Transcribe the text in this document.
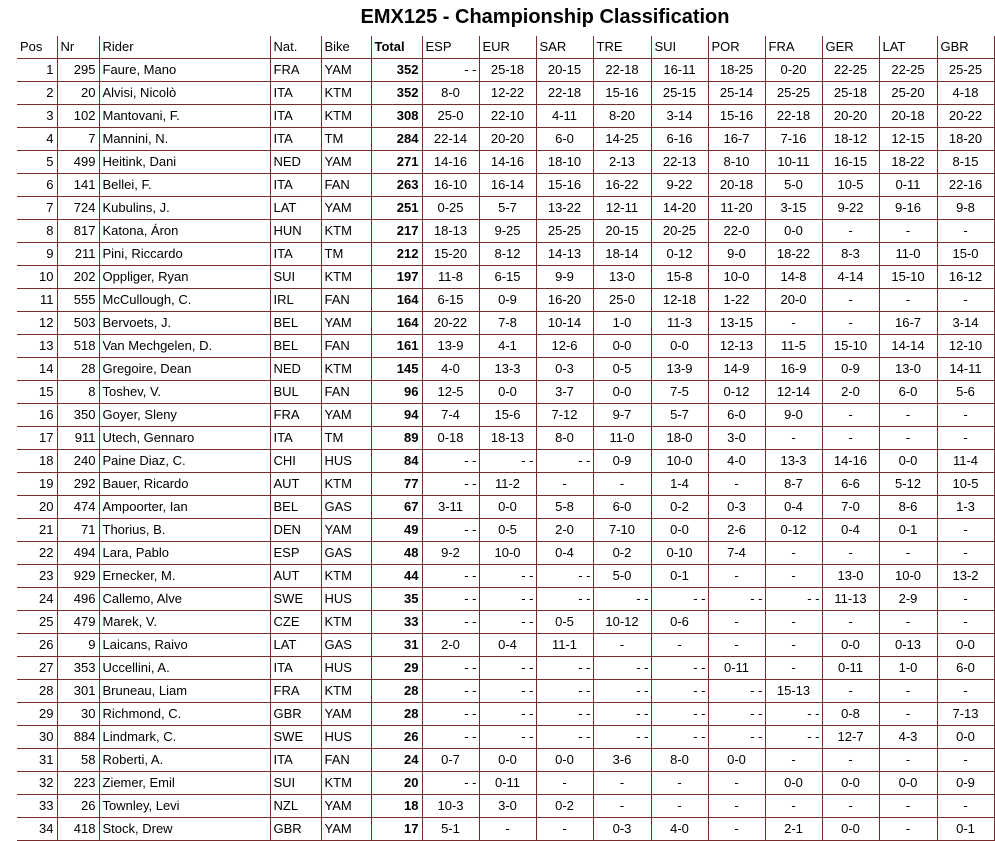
EMX125 - Championship Classification
Pos	Nr	Rider	Nat.	Bike	Total	ESP	EUR	SAR	TRE	SUI	POR	FRA	GER	LAT	GBR
1	295	Faure, Mano	FRA	YAM	352	- -	25-18	20-15	22-18	16-11	18-25	0-20	22-25	22-25	25-25
2	20	Alvisi, Nicolò	ITA	KTM	352	8-0	12-22	22-18	15-16	25-15	25-14	25-25	25-18	25-20	4-18
3	102	Mantovani, F.	ITA	KTM	308	25-0	22-10	4-11	8-20	3-14	15-16	22-18	20-20	20-18	20-22
4	7	Mannini, N.	ITA	TM	284	22-14	20-20	6-0	14-25	6-16	16-7	7-16	18-12	12-15	18-20
5	499	Heitink, Dani	NED	YAM	271	14-16	14-16	18-10	2-13	22-13	8-10	10-11	16-15	18-22	8-15
6	141	Bellei, F.	ITA	FAN	263	16-10	16-14	15-16	16-22	9-22	20-18	5-0	10-5	0-11	22-16
7	724	Kubulins, J.	LAT	YAM	251	0-25	5-7	13-22	12-11	14-20	11-20	3-15	9-22	9-16	9-8
8	817	Katona, Áron	HUN	KTM	217	18-13	9-25	25-25	20-15	20-25	22-0	0-0	-	-	-
9	211	Pini, Riccardo	ITA	TM	212	15-20	8-12	14-13	18-14	0-12	9-0	18-22	8-3	11-0	15-0
10	202	Oppliger, Ryan	SUI	KTM	197	11-8	6-15	9-9	13-0	15-8	10-0	14-8	4-14	15-10	16-12
11	555	McCullough, C.	IRL	FAN	164	6-15	0-9	16-20	25-0	12-18	1-22	20-0	-	-	-
12	503	Bervoets, J.	BEL	YAM	164	20-22	7-8	10-14	1-0	11-3	13-15	-	-	16-7	3-14
13	518	Van Mechgelen, D.	BEL	FAN	161	13-9	4-1	12-6	0-0	0-0	12-13	11-5	15-10	14-14	12-10
14	28	Gregoire, Dean	NED	KTM	145	4-0	13-3	0-3	0-5	13-9	14-9	16-9	0-9	13-0	14-11
15	8	Toshev, V.	BUL	FAN	96	12-5	0-0	3-7	0-0	7-5	0-12	12-14	2-0	6-0	5-6
16	350	Goyer, Sleny	FRA	YAM	94	7-4	15-6	7-12	9-7	5-7	6-0	9-0	-	-	-
17	911	Utech, Gennaro	ITA	TM	89	0-18	18-13	8-0	11-0	18-0	3-0	-	-	-	-
18	240	Paine Diaz, C.	CHI	HUS	84	- -	- -	- -	0-9	10-0	4-0	13-3	14-16	0-0	11-4
19	292	Bauer, Ricardo	AUT	KTM	77	- -	11-2	-	-	1-4	-	8-7	6-6	5-12	10-5
20	474	Ampoorter, Ian	BEL	GAS	67	3-11	0-0	5-8	6-0	0-2	0-3	0-4	7-0	8-6	1-3
21	71	Thorius, B.	DEN	YAM	49	- -	0-5	2-0	7-10	0-0	2-6	0-12	0-4	0-1	-
22	494	Lara, Pablo	ESP	GAS	48	9-2	10-0	0-4	0-2	0-10	7-4	-	-	-	-
23	929	Ernecker, M.	AUT	KTM	44	- -	- -	- -	5-0	0-1	-	-	13-0	10-0	13-2
24	496	Callemo, Alve	SWE	HUS	35	- -	- -	- -	- -	- -	- -	- -	11-13	2-9	-
25	479	Marek, V.	CZE	KTM	33	- -	- -	0-5	10-12	0-6	-	-	-	-	-
26	9	Laicans, Raivo	LAT	GAS	31	2-0	0-4	11-1	-	-	-	-	0-0	0-13	0-0
27	353	Uccellini, A.	ITA	HUS	29	- -	- -	- -	- -	- -	0-11	-	0-11	1-0	6-0
28	301	Bruneau, Liam	FRA	KTM	28	- -	- -	- -	- -	- -	- -	15-13	-	-	-
29	30	Richmond, C.	GBR	YAM	28	- -	- -	- -	- -	- -	- -	- -	0-8	-	7-13
30	884	Lindmark, C.	SWE	HUS	26	- -	- -	- -	- -	- -	- -	- -	12-7	4-3	0-0
31	58	Roberti, A.	ITA	FAN	24	0-7	0-0	0-0	3-6	8-0	0-0	-	-	-	-
32	223	Ziemer, Emil	SUI	KTM	20	- -	0-11	-	-	-	-	0-0	0-0	0-0	0-9
33	26	Townley, Levi	NZL	YAM	18	10-3	3-0	0-2	-	-	-	-	-	-	-
34	418	Stock, Drew	GBR	YAM	17	5-1	-	-	0-3	4-0	-	2-1	0-0	-	0-1
